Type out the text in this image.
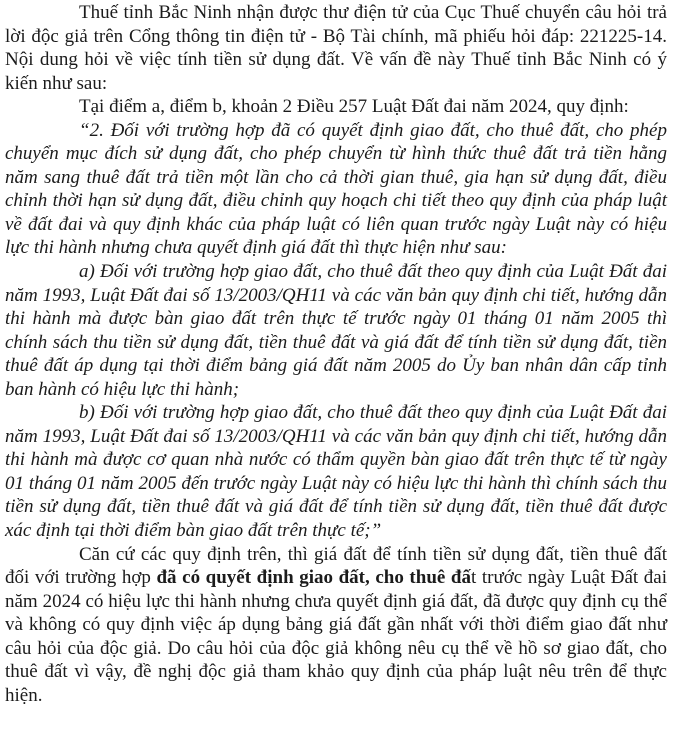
Thuế tỉnh Bắc Ninh nhận được thư điện tử của Cục Thuế chuyển câu hỏi trả lời độc giả trên Cổng thông tin điện tử - Bộ Tài chính, mã phiếu hỏi đáp: 221225-14. Nội dung hỏi về việc tính tiền sử dụng đất. Về vấn đề này Thuế tỉnh Bắc Ninh có ý kiến như sau:

Tại điểm a, điểm b, khoản 2 Điều 257 Luật Đất đai năm 2024, quy định:

“2. Đối với trường hợp đã có quyết định giao đất, cho thuê đất, cho phép chuyển mục đích sử dụng đất, cho phép chuyển từ hình thức thuê đất trả tiền hằng năm sang thuê đất trả tiền một lần cho cả thời gian thuê, gia hạn sử dụng đất, điều chỉnh thời hạn sử dụng đất, điều chỉnh quy hoạch chi tiết theo quy định của pháp luật về đất đai và quy định khác của pháp luật có liên quan trước ngày Luật này có hiệu lực thi hành nhưng chưa quyết định giá đất thì thực hiện như sau:

a) Đối với trường hợp giao đất, cho thuê đất theo quy định của Luật Đất đai năm 1993, Luật Đất đai số 13/2003/QH11 và các văn bản quy định chi tiết, hướng dẫn thi hành mà được bàn giao đất trên thực tế trước ngày 01 tháng 01 năm 2005 thì chính sách thu tiền sử dụng đất, tiền thuê đất và giá đất để tính tiền sử dụng đất, tiền thuê đất áp dụng tại thời điểm bảng giá đất năm 2005 do Ủy ban nhân dân cấp tỉnh ban hành có hiệu lực thi hành;

b) Đối với trường hợp giao đất, cho thuê đất theo quy định của Luật Đất đai năm 1993, Luật Đất đai số 13/2003/QH11 và các văn bản quy định chi tiết, hướng dẫn thi hành mà được cơ quan nhà nước có thẩm quyền bàn giao đất trên thực tế từ ngày 01 tháng 01 năm 2005 đến trước ngày Luật này có hiệu lực thi hành thì chính sách thu tiền sử dụng đất, tiền thuê đất và giá đất để tính tiền sử dụng đất, tiền thuê đất được xác định tại thời điểm bàn giao đất trên thực tế;”

Căn cứ các quy định trên, thì giá đất để tính tiền sử dụng đất, tiền thuê đất đối với trường hợp đã có quyết định giao đất, cho thuê đất trước ngày Luật Đất đai năm 2024 có hiệu lực thi hành nhưng chưa quyết định giá đất, đã được quy định cụ thể và không có quy định việc áp dụng bảng giá đất gần nhất với thời điểm giao đất như câu hỏi của độc giả. Do câu hỏi của độc giả không nêu cụ thể về hồ sơ giao đất, cho thuê đất vì vậy, đề nghị độc giả tham khảo quy định của pháp luật nêu trên để thực hiện.
